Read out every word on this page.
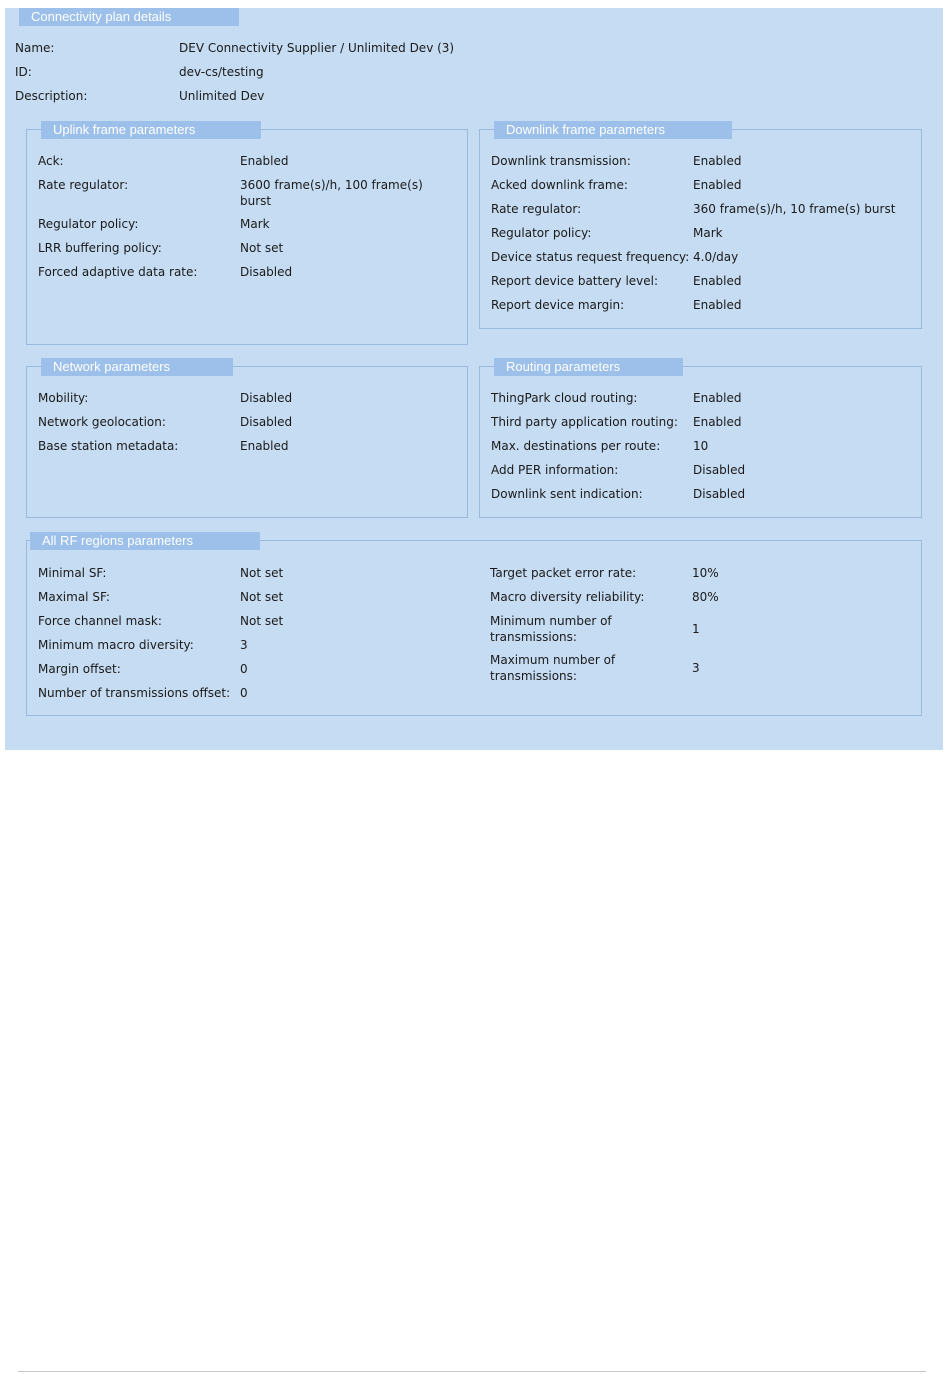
Connectivity plan details
Name:	DEV Connectivity Supplier / Unlimited Dev (3)
ID:	dev-cs/testing
Description:	Unlimited Dev
Uplink frame parameters
Ack:	Enabled
Rate regulator:	3600 frame(s)/h, 100 frame(s) burst
Regulator policy:	Mark
LRR buffering policy:	Not set
Forced adaptive data rate:	Disabled
Downlink frame parameters
Downlink transmission:	Enabled
Acked downlink frame:	Enabled
Rate regulator:	360 frame(s)/h, 10 frame(s) burst
Regulator policy:	Mark
Device status request frequency: 4.0/day
Report device battery level:	Enabled
Report device margin:	Enabled
Network parameters
Mobility:	Disabled
Network geolocation:	Disabled
Base station metadata:	Enabled
Routing parameters
ThingPark cloud routing:	Enabled
Third party application routing: Enabled
Max. destinations per route:	10
Add PER information:	Disabled
Downlink sent indication:	Disabled
All RF regions parameters
Minimal SF:	Not set
Maximal SF:	Not set
Force channel mask:	Not set
Minimum macro diversity:	3
Margin offset:	0
Number of transmissions offset: 0
Target packet error rate:	10%
Macro diversity reliability:	80%
Minimum number of transmissions:
1
Maximum number of transmissions:
3
